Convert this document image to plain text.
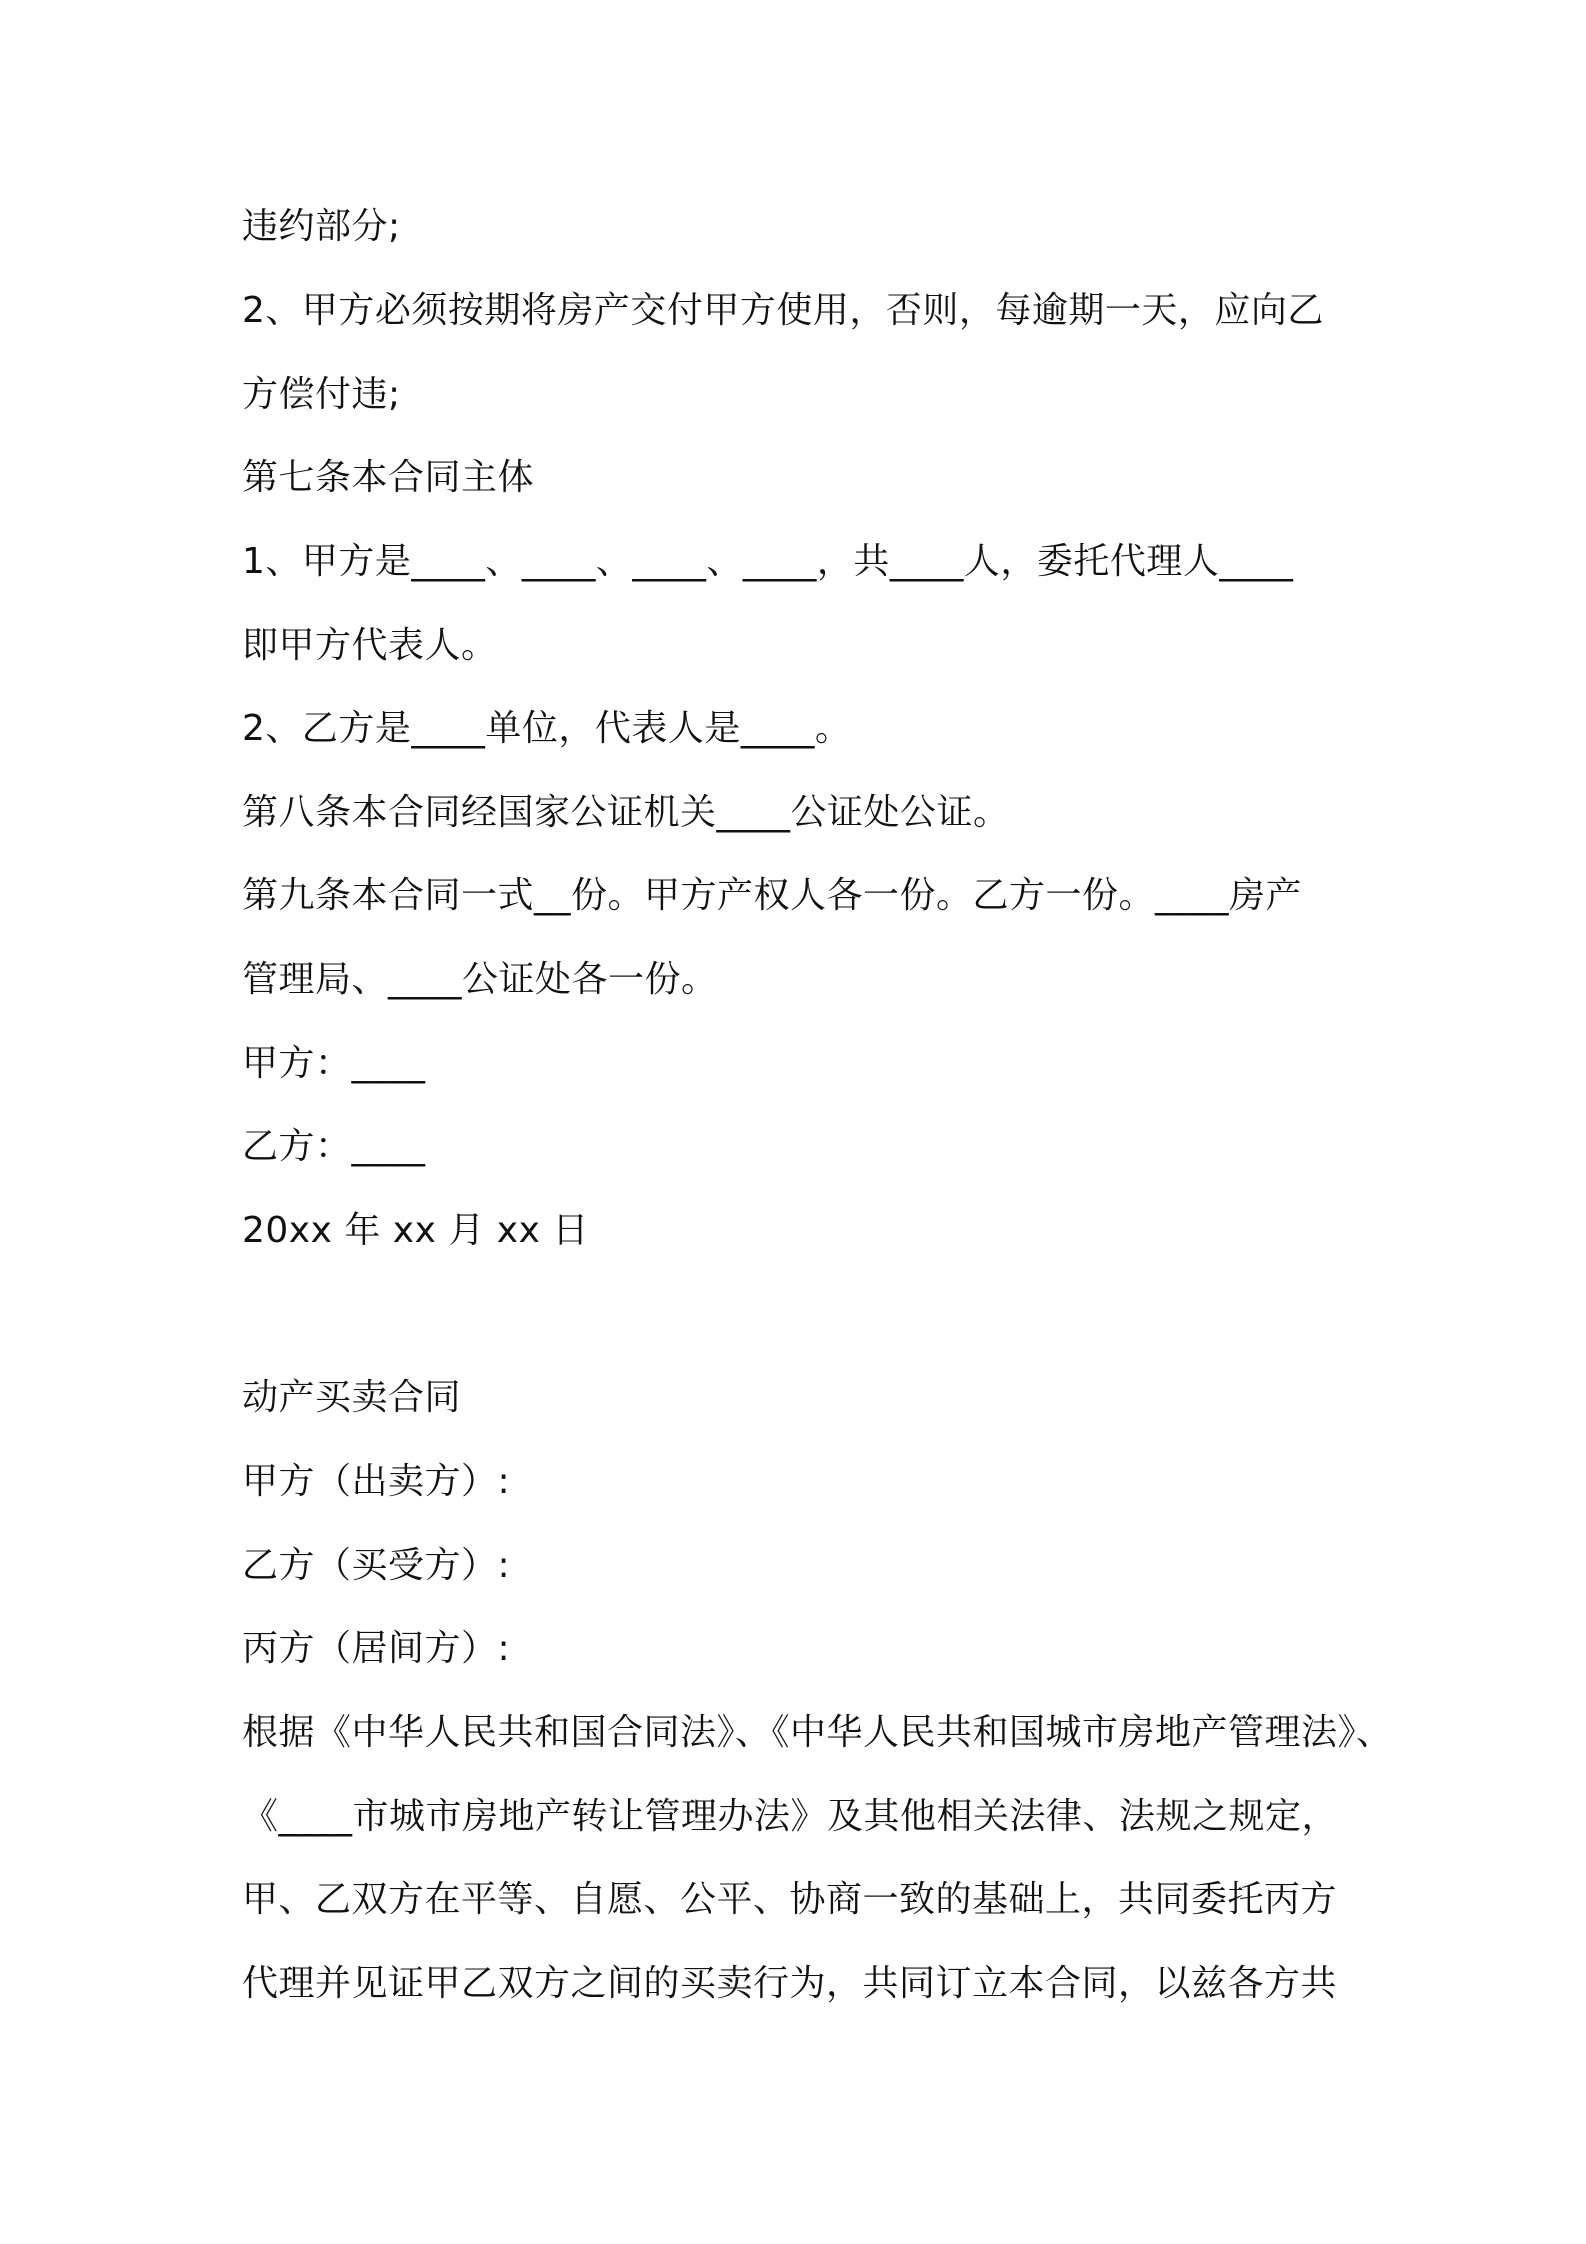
违约部分;

2、甲方必须按期将房产交付甲方使用，否则，每逾期一天，应向乙

方偿付违;

第七条本合同主体

1、甲方是____、____、____、____，共____人，委托代理人____

即甲方代表人。

2、乙方是____单位，代表人是____。

第八条本合同经国家公证机关____公证处公证。

第九条本合同一式__份。甲方产权人各一份。乙方一份。____房产

管理局、____公证处各一份。

甲方：____

乙方：____

20xx 年 xx 月 xx 日

动产买卖合同

甲方（出卖方）:

乙方（买受方）:

丙方（居间方）:

根据《中华人民共和国合同法》、《中华人民共和国城市房地产管理法》、

《____市城市房地产转让管理办法》及其他相关法律、法规之规定，

甲、乙双方在平等、自愿、公平、协商一致的基础上，共同委托丙方

代理并见证甲乙双方之间的买卖行为，共同订立本合同，以兹各方共
